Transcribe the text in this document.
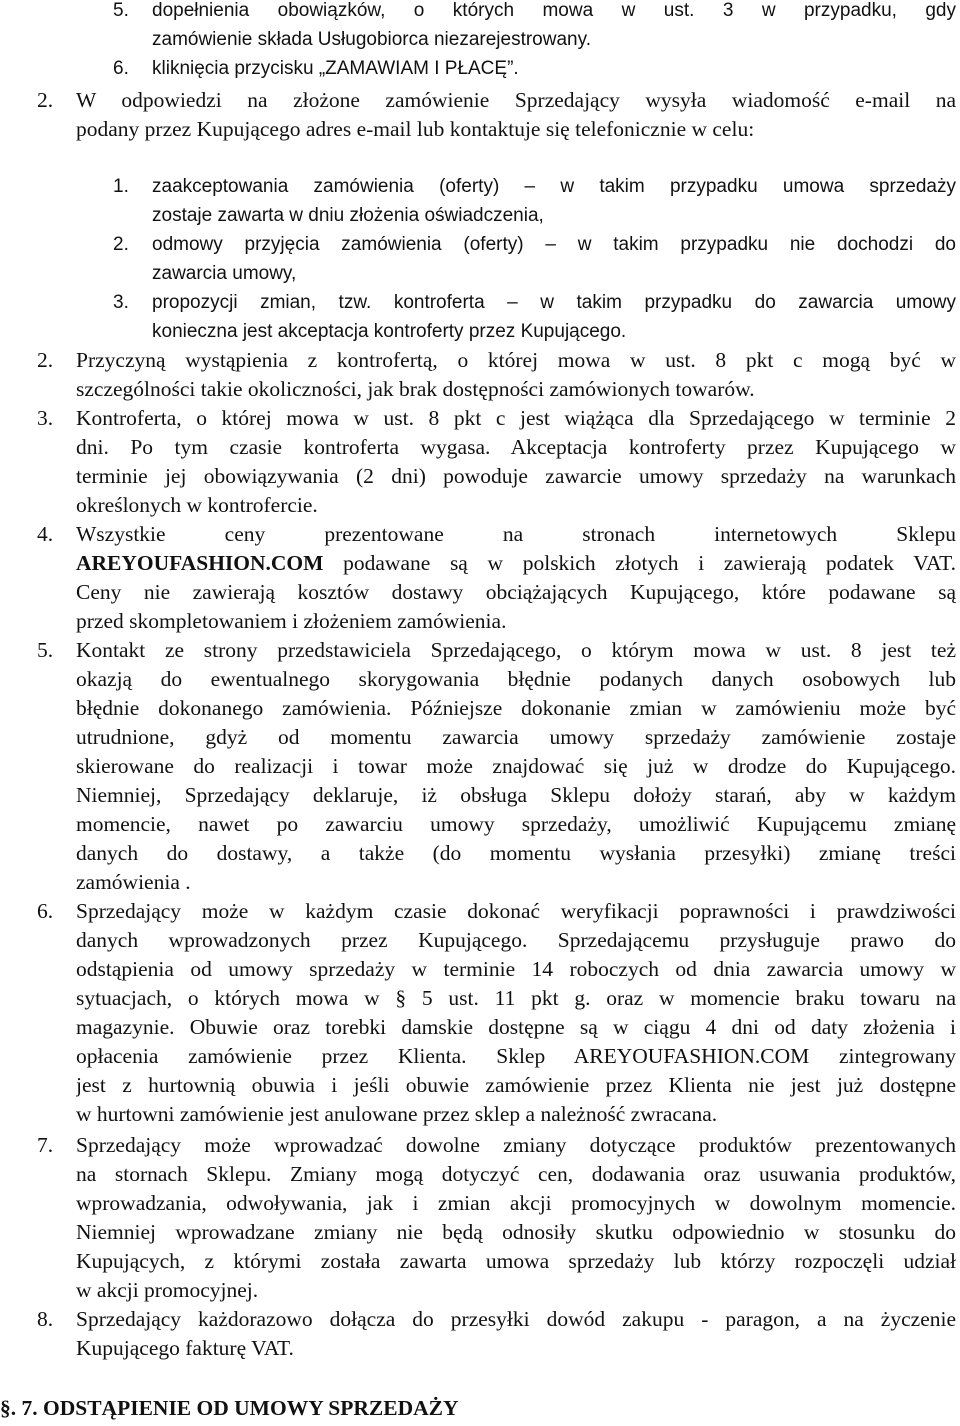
5. dopełnienia obowiązków, o których mowa w ust. 3 w przypadku, gdy
zamówienie składa Usługobiorca niezarejestrowany.
6. kliknięcia przycisku „ZAMAWIAM I PŁACĘ”.
2. W odpowiedzi na złożone zamówienie Sprzedający wysyła wiadomość e-mail na
podany przez Kupującego adres e-mail lub kontaktuje się telefonicznie w celu:
1. zaakceptowania zamówienia (oferty) – w takim przypadku umowa sprzedaży
zostaje zawarta w dniu złożenia oświadczenia,
2. odmowy przyjęcia zamówienia (oferty) – w takim przypadku nie dochodzi do
zawarcia umowy,
3. propozycji zmian, tzw. kontroferta – w takim przypadku do zawarcia umowy
konieczna jest akceptacja kontroferty przez Kupującego.
2. Przyczyną wystąpienia z kontrofertą, o której mowa w ust. 8 pkt c mogą być w
szczególności takie okoliczności, jak brak dostępności zamówionych towarów.
3. Kontroferta, o której mowa w ust. 8 pkt c jest wiążąca dla Sprzedającego w terminie 2
dni. Po tym czasie kontroferta wygasa. Akceptacja kontroferty przez Kupującego w
terminie jej obowiązywania (2 dni) powoduje zawarcie umowy sprzedaży na warunkach
określonych w kontrofercie.
4. Wszystkie ceny prezentowane na stronach internetowych Sklepu
AREYOUFASHION.COM podawane są w polskich złotych i zawierają podatek VAT.
Ceny nie zawierają kosztów dostawy obciążających Kupującego, które podawane są
przed skompletowaniem i złożeniem zamówienia.
5. Kontakt ze strony przedstawiciela Sprzedającego, o którym mowa w ust. 8 jest też
okazją do ewentualnego skorygowania błędnie podanych danych osobowych lub
błędnie dokonanego zamówienia. Późniejsze dokonanie zmian w zamówieniu może być
utrudnione, gdyż od momentu zawarcia umowy sprzedaży zamówienie zostaje
skierowane do realizacji i towar może znajdować się już w drodze do Kupującego.
Niemniej, Sprzedający deklaruje, iż obsługa Sklepu dołoży starań, aby w każdym
momencie, nawet po zawarciu umowy sprzedaży, umożliwić Kupującemu zmianę
danych do dostawy, a także (do momentu wysłania przesyłki) zmianę treści
zamówienia .
6. Sprzedający może w każdym czasie dokonać weryfikacji poprawności i prawdziwości
danych wprowadzonych przez Kupującego. Sprzedającemu przysługuje prawo do
odstąpienia od umowy sprzedaży w terminie 14 roboczych od dnia zawarcia umowy w
sytuacjach, o których mowa w § 5 ust. 11 pkt g. oraz w momencie braku towaru na
magazynie. Obuwie oraz torebki damskie dostępne są w ciągu 4 dni od daty złożenia i
opłacenia zamówienie przez Klienta. Sklep AREYOUFASHION.COM zintegrowany
jest z hurtownią obuwia i jeśli obuwie zamówienie przez Klienta nie jest już dostępne
w hurtowni zamówienie jest anulowane przez sklep a należność zwracana.
7. Sprzedający może wprowadzać dowolne zmiany dotyczące produktów prezentowanych
na stornach Sklepu. Zmiany mogą dotyczyć cen, dodawania oraz usuwania produktów,
wprowadzania, odwoływania, jak i zmian akcji promocyjnych w dowolnym momencie.
Niemniej wprowadzane zmiany nie będą odnosiły skutku odpowiednio w stosunku do
Kupujących, z którymi została zawarta umowa sprzedaży lub którzy rozpoczęli udział
w akcji promocyjnej.
8. Sprzedający każdorazowo dołącza do przesyłki dowód zakupu - paragon, a na życzenie
Kupującego fakturę VAT.
§. 7. ODSTĄPIENIE OD UMOWY SPRZEDAŻY
